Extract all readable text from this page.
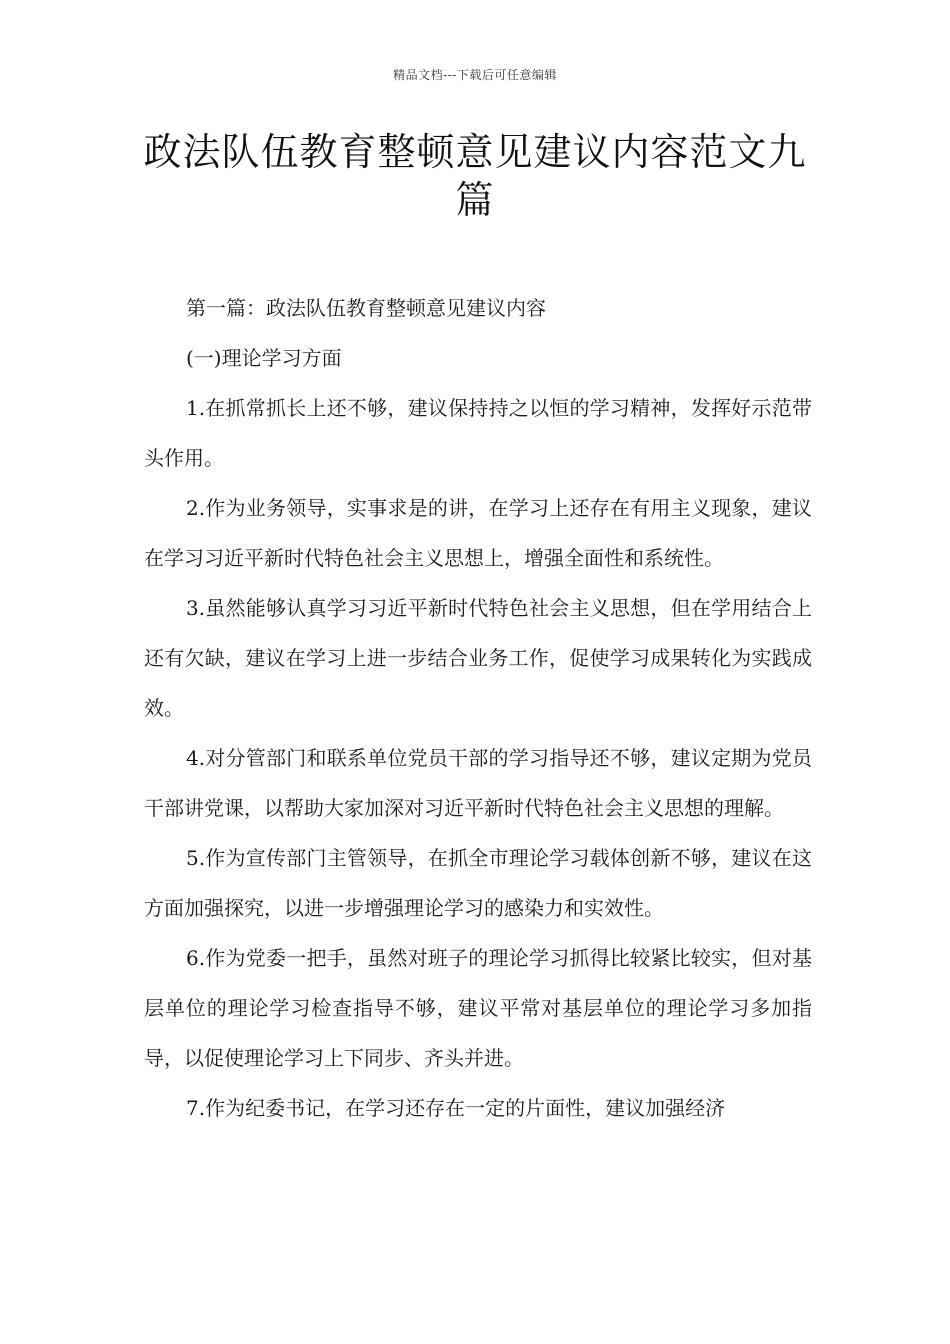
精品文档---下载后可任意编辑
政法队伍教育整顿意见建议内容范文九篇

第一篇：政法队伍教育整顿意见建议内容

(一)理论学习方面

1.在抓常抓长上还不够，建议保持持之以恒的学习精神，发挥好示范带头作用。

2.作为业务领导，实事求是的讲，在学习上还存在有用主义现象，建议在学习习近平新时代特色社会主义思想上，增强全面性和系统性。

3.虽然能够认真学习习近平新时代特色社会主义思想，但在学用结合上还有欠缺，建议在学习上进一步结合业务工作，促使学习成果转化为实践成效。

4.对分管部门和联系单位党员干部的学习指导还不够，建议定期为党员干部讲党课，以帮助大家加深对习近平新时代特色社会主义思想的理解。

5.作为宣传部门主管领导，在抓全市理论学习载体创新不够，建议在这方面加强探究，以进一步增强理论学习的感染力和实效性。

6.作为党委一把手，虽然对班子的理论学习抓得比较紧比较实，但对基层单位的理论学习检查指导不够，建议平常对基层单位的理论学习多加指导，以促使理论学习上下同步、齐头并进。

7.作为纪委书记，在学习还存在一定的片面性，建议加强经济
